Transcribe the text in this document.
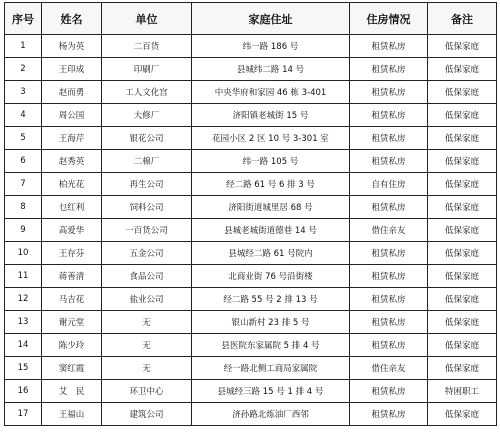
序号	姓名	单位	家庭住址	住房情况	备注
1	杨为英	二百货	纬一路 186 号	租赁私房	低保家庭
2	王印成	印刷厂	县城纬二路 14 号	租赁私房	低保家庭
3	赵而勇	工人文化宫	中央华府和家园 46 栋 3-401	租赁私房	低保家庭
4	周公国	大修厂	济阳镇老城街 15 号	租赁私房	低保家庭
5	王海芹	银花公司	花园小区 2 区 10 号 3-301 室	租赁私房	低保家庭
6	赵秀英	二棉厂	纬一路 105 号	租赁私房	低保家庭
7	柏光花	再生公司	经二路 61 号 6 排 3 号	自有住房	低保家庭
8	乜红利	饲料公司	济阳街道城里居 68 号	租赁私房	低保家庭
9	高爱华	一百货公司	县城老城街道德巷 14 号	借住亲友	低保家庭
10	王存芬	五金公司	县城经二路 61 号院内	租赁私房	低保家庭
11	蒋善清	食品公司	北商业街 76 号沿街楼	租赁私房	低保家庭
12	马吉花	盐业公司	经二路 55 号 2 排 13 号	租赁私房	低保家庭
13	谢元堂	无	银山新村 23 排 5 号	租赁私房	低保家庭
14	陈少玲	无	县医院东家属院 5 排 4 号	租赁私房	低保家庭
15	窦红霞	无	经一路北侧工商局家属院	借住亲友	低保家庭
16	艾　民	环卫中心	县城经三路 15 号 1 排 4 号	租赁私房	特困职工
17	王福山	建筑公司	济孙路北炼油厂西邻	租赁私房	低保家庭
